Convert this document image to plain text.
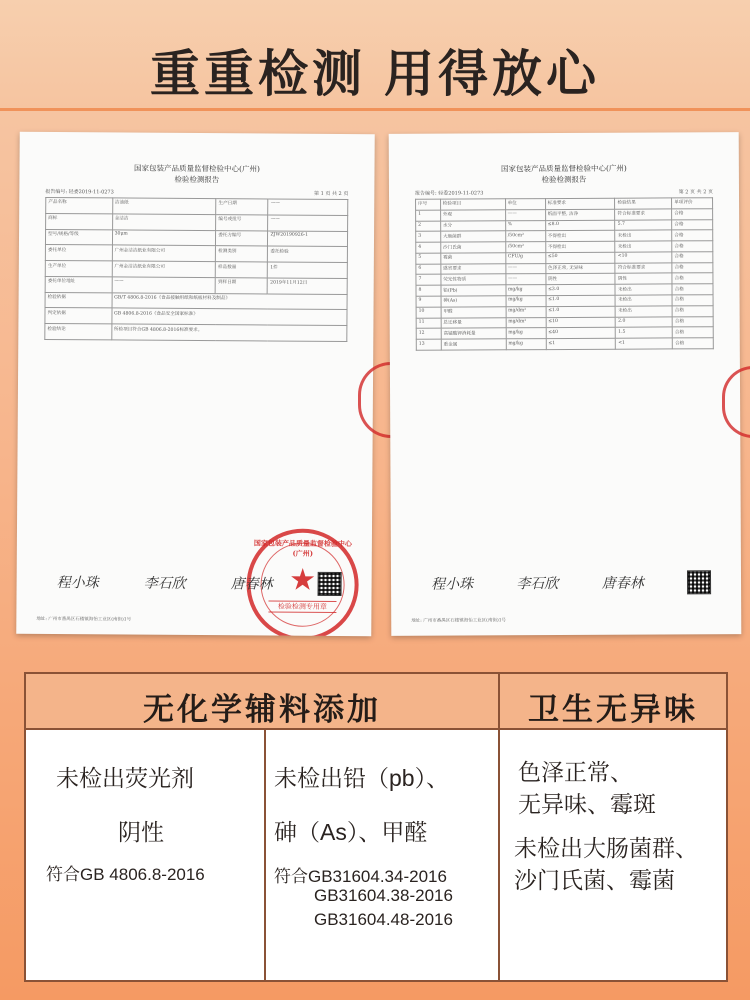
重重检测 用得放心
国家包装产品质量监督检验中心(广州)
检验检测报告
报告编号: 轻委2019-11-0273	第 1 页 共 2 页
产品名称	洁油纸	生产日期	——
商标	金洁洁	编号或批号	——
型号/规格/等级	30μm	委托方编号	ZJW20190926-1
委托单位	广州金洁洁纸业有限公司	检测类别	委托检验
生产单位	广州金洁洁纸业有限公司	样品数量	1件
委托单位地址	——	到样日期	2019年11月12日
检验依据	GB/T 4806.8-2016《食品接触用纸和纸板材料及制品》		
判定依据	GB 4806.8-2016《食品安全国家标准》		
检验结论	所检项目符合GB 4806.8-2016标准要求。		
国家包装产品质量监督检验中心(广州)
★
检验检测专用章
程小珠	李石欣	唐春林
地址: 广州市番禺区石楼镇海怡工业区(南街)1号
国家包装产品质量监督检验中心(广州)
检验检测报告
报告编号: 轻委2019-11-0273	第 2 页 共 2 页
序号	检验项目	单位	标准要求	检验结果	单项评价
1	外观	——	纸面平整, 洁净	符合标准要求	合格
2	水分	%	≤8.0	5.7	合格
3	大肠菌群	/50cm²	不得检出	未检出	合格
4	沙门氏菌	/50cm²	不得检出	未检出	合格
5	霉菌	CFU/g	≤50	<10	合格
6	感官要求	——	色泽正常, 无异味	符合标准要求	合格
7	荧光性物质	——	阴性	阴性	合格
8	铅(Pb)	mg/kg	≤3.0	未检出	合格
9	砷(As)	mg/kg	≤1.0	未检出	合格
10	甲醛	mg/dm²	≤1.0	未检出	合格
11	总迁移量	mg/dm²	≤10	2.0	合格
12	高锰酸钾消耗量	mg/kg	≤40	1.5	合格
13	重金属	mg/kg	≤1	<1	合格
程小珠	李石欣	唐春林
地址: 广州市番禺区石楼镇海怡工业区(南街)1号
无化学辅料添加	卫生无异味
未检出荧光剂
阴性
符合GB 4806.8-2016
未检出铅（pb）、
砷（As）、甲醛
符合GB31604.34-2016
GB31604.38-2016
GB31604.48-2016
色泽正常、
无异味、霉斑
未检出大肠菌群、
沙门氏菌、霉菌
